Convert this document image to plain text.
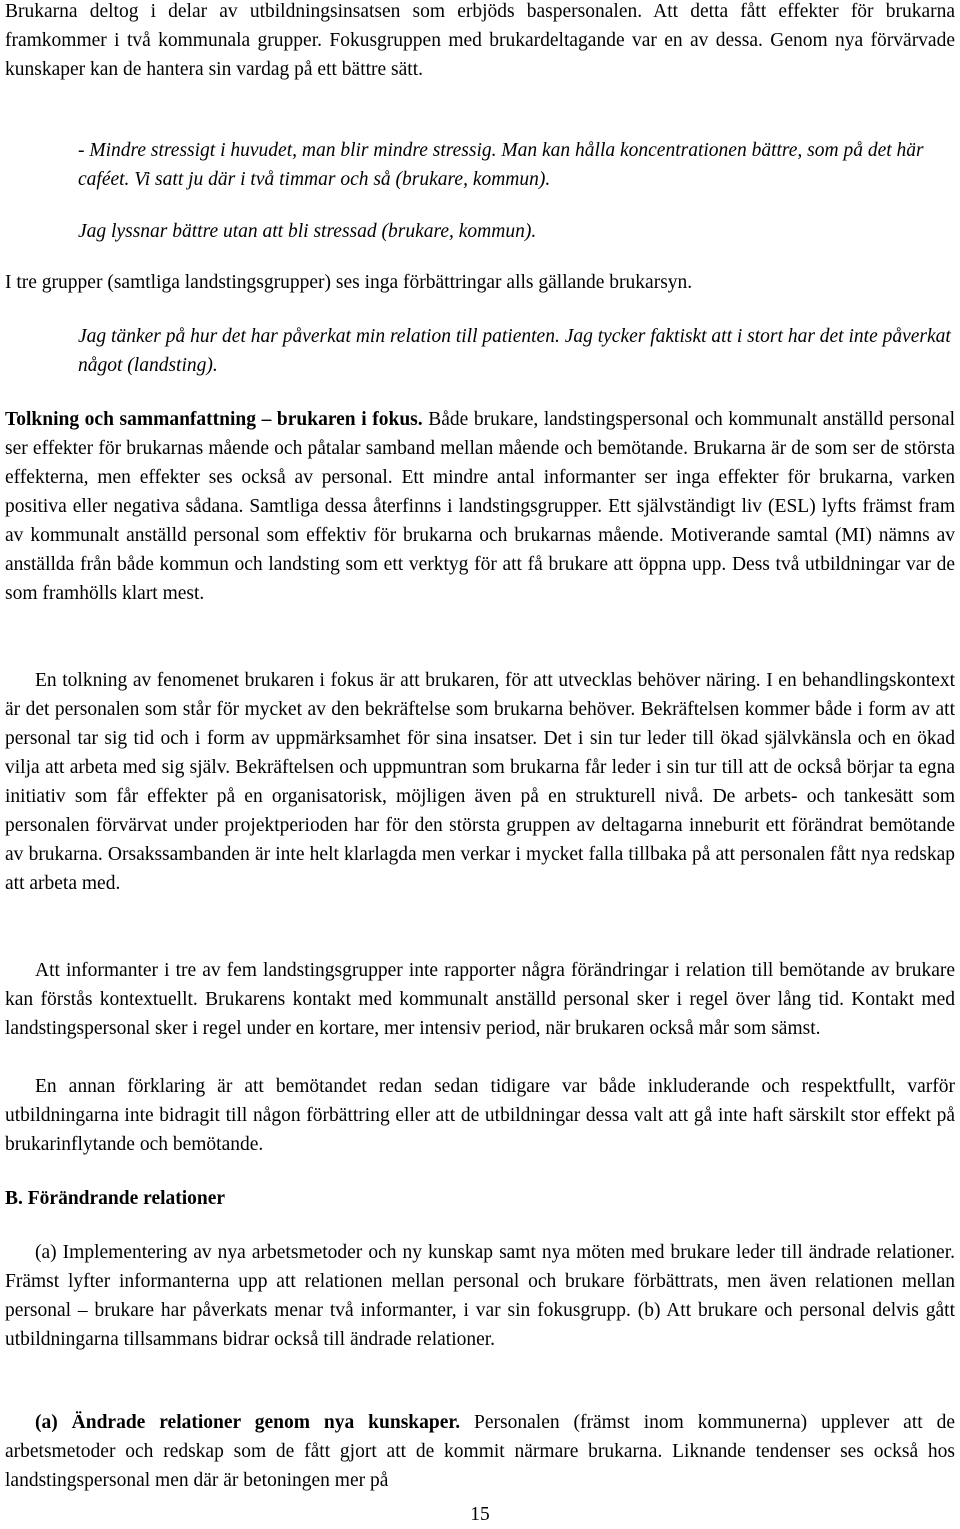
Brukarna deltog i delar av utbildningsinsatsen som erbjöds baspersonalen. Att detta fått effekter för brukarna framkommer i två kommunala grupper. Fokusgruppen med brukardeltagande var en av dessa. Genom nya förvärvade kunskaper kan de hantera sin vardag på ett bättre sätt.

- Mindre stressigt i huvudet, man blir mindre stressig. Man kan hålla koncentrationen bättre, som på det här caféet. Vi satt ju där i två timmar och så (brukare, kommun).

Jag lyssnar bättre utan att bli stressad (brukare, kommun).

I tre grupper (samtliga landstingsgrupper) ses inga förbättringar alls gällande brukarsyn.

Jag tänker på hur det har påverkat min relation till patienten. Jag tycker faktiskt att i stort har det inte påverkat något (landsting).

Tolkning och sammanfattning – brukaren i fokus. Både brukare, landstingspersonal och kommunalt anställd personal ser effekter för brukarnas mående och påtalar samband mellan mående och bemötande. Brukarna är de som ser de största effekterna, men effekter ses också av personal. Ett mindre antal informanter ser inga effekter för brukarna, varken positiva eller negativa sådana. Samtliga dessa återfinns i landstingsgrupper. Ett självständigt liv (ESL) lyfts främst fram av kommunalt anställd personal som effektiv för brukarna och brukarnas mående. Motiverande samtal (MI) nämns av anställda från både kommun och landsting som ett verktyg för att få brukare att öppna upp. Dess två utbildningar var de som framhölls klart mest.

En tolkning av fenomenet brukaren i fokus är att brukaren, för att utvecklas behöver näring. I en behandlingskontext är det personalen som står för mycket av den bekräftelse som brukarna behöver. Bekräftelsen kommer både i form av att personal tar sig tid och i form av uppmärksamhet för sina insatser. Det i sin tur leder till ökad självkänsla och en ökad vilja att arbeta med sig själv. Bekräftelsen och uppmuntran som brukarna får leder i sin tur till att de också börjar ta egna initiativ som får effekter på en organisatorisk, möjligen även på en strukturell nivå. De arbets- och tankesätt som personalen förvärvat under projektperioden har för den största gruppen av deltagarna inneburit ett förändrat bemötande av brukarna. Orsakssambanden är inte helt klarlagda men verkar i mycket falla tillbaka på att personalen fått nya redskap att arbeta med.

Att informanter i tre av fem landstingsgrupper inte rapporter några förändringar i relation till bemötande av brukare kan förstås kontextuellt. Brukarens kontakt med kommunalt anställd personal sker i regel över lång tid. Kontakt med landstingspersonal sker i regel under en kortare, mer intensiv period, när brukaren också mår som sämst.

En annan förklaring är att bemötandet redan sedan tidigare var både inkluderande och respektfullt, varför utbildningarna inte bidragit till någon förbättring eller att de utbildningar dessa valt att gå inte haft särskilt stor effekt på brukarinflytande och bemötande.

B. Förändrande relationer

(a) Implementering av nya arbetsmetoder och ny kunskap samt nya möten med brukare leder till ändrade relationer. Främst lyfter informanterna upp att relationen mellan personal och brukare förbättrats, men även relationen mellan personal – brukare har påverkats menar två informanter, i var sin fokusgrupp. (b) Att brukare och personal delvis gått utbildningarna tillsammans bidrar också till ändrade relationer.

(a) Ändrade relationer genom nya kunskaper. Personalen (främst inom kommunerna) upplever att de arbetsmetoder och redskap som de fått gjort att de kommit närmare brukarna. Liknande tendenser ses också hos landstingspersonal men där är betoningen mer på

15
